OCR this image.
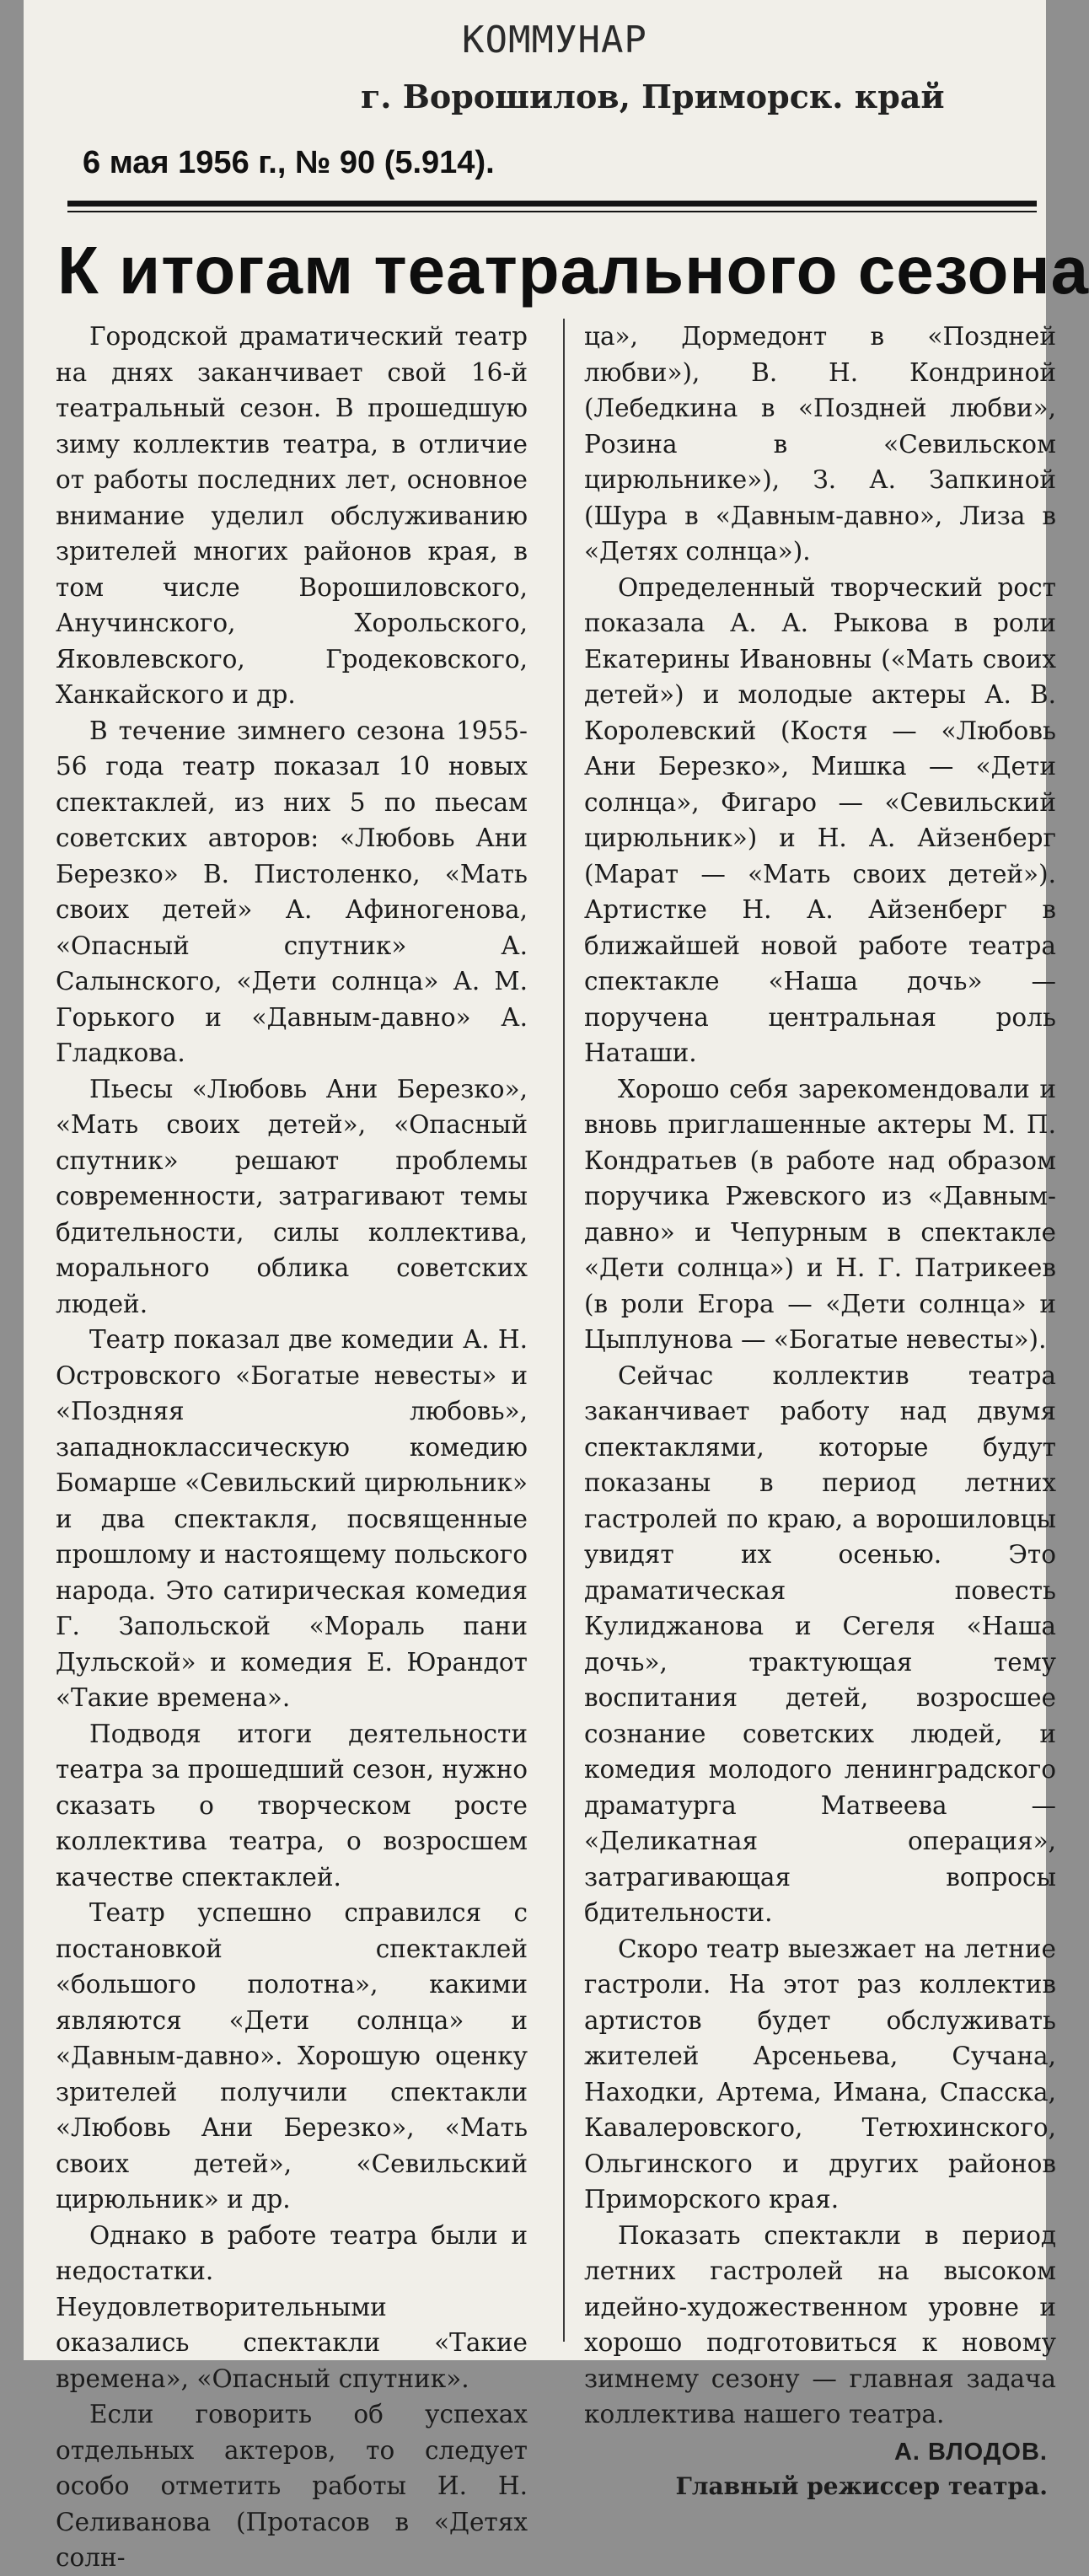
КОММУНАР
г. Ворошилов, Приморск. край
6 мая 1956 г., № 90 (5.914).
К итогам театрального сезона

Городской драматический театр на днях заканчивает свой 16-й театральный сезон. В прошедшую зиму коллектив театра, в отличие от работы последних лет, основное внимание уделил обслуживанию зрителей многих районов края, в том числе Ворошиловского, Анучинского, Хорольского, Яковлевского, Гродековского, Ханкайского и др.

В течение зимнего сезона 1955-56 года театр показал 10 новых спектаклей, из них 5 по пьесам советских авторов: «Любовь Ани Березко» В. Пистоленко, «Мать своих детей» А. Афиногенова, «Опасный спутник» А. Салынского, «Дети солнца» А. М. Горького и «Давным-давно» А. Гладкова.

Пьесы «Любовь Ани Березко», «Мать своих детей», «Опасный спутник» решают проблемы современности, затрагивают темы бдительности, силы коллектива, морального облика советских людей.

Театр показал две комедии А. Н. Островского «Богатые невесты» и «Поздняя любовь», западноклассическую комедию Бомарше «Севильский цирюльник» и два спектакля, посвященные прошлому и настоящему польского народа. Это сатирическая комедия Г. Запольской «Мораль пани Дульской» и комедия Е. Юрандот «Такие времена».

Подводя итоги деятельности театра за прошедший сезон, нужно сказать о творческом росте коллектива театра, о возросшем качестве спектаклей.

Театр успешно справился с постановкой спектаклей «большого полотна», какими являются «Дети солнца» и «Давным-давно». Хорошую оценку зрителей получили спектакли «Любовь Ани Березко», «Мать своих детей», «Севильский цирюльник» и др.

Однако в работе театра были и недостатки. Неудовлетворительными оказались спектакли «Такие времена», «Опасный спутник».

Если говорить об успехах отдельных актеров, то следует особо отметить работы И. Н. Селиванова (Протасов в «Детях солн-

ца», Дормедонт в «Поздней любви»), В. Н. Кондриной (Лебедкина в «Поздней любви», Розина в «Севильском цирюльнике»), З. А. Запкиной (Шура в «Давным-давно», Лиза в «Детях солнца»).

Определенный творческий рост показала А. А. Рыкова в роли Екатерины Ивановны («Мать своих детей») и молодые актеры А. В. Королевский (Костя — «Любовь Ани Березко», Мишка — «Дети солнца», Фигаро — «Севильский цирюльник») и Н. А. Айзенберг (Марат — «Мать своих детей»). Артистке Н. А. Айзенберг в ближайшей новой работе театра спектакле «Наша дочь» — поручена центральная роль Наташи.

Хорошо себя зарекомендовали и вновь приглашенные актеры М. П. Кондратьев (в работе над образом поручика Ржевского из «Давным-давно» и Чепурным в спектакле «Дети солнца») и Н. Г. Патрикеев (в роли Егора — «Дети солнца» и Цыплунова — «Богатые невесты»).

Сейчас коллектив театра заканчивает работу над двумя спектаклями, которые будут показаны в период летних гастролей по краю, а ворошиловцы увидят их осенью. Это драматическая повесть Кулиджанова и Сегеля «Наша дочь», трактующая тему воспитания детей, возросшее сознание советских людей, и комедия молодого ленинградского драматурга Матвеева — «Деликатная операция», затрагивающая вопросы бдительности.

Скоро театр выезжает на летние гастроли. На этот раз коллектив артистов будет обслуживать жителей Арсеньева, Сучана, Находки, Артема, Имана, Спасска, Кавалеровского, Тетюхинского, Ольгинского и других районов Приморского края.

Показать спектакли в период летних гастролей на высоком идейно-художественном уровне и хорошо подготовиться к новому зимнему сезону — главная задача коллектива нашего театра.

А. ВЛОДОВ.
Главный режиссер театра.
